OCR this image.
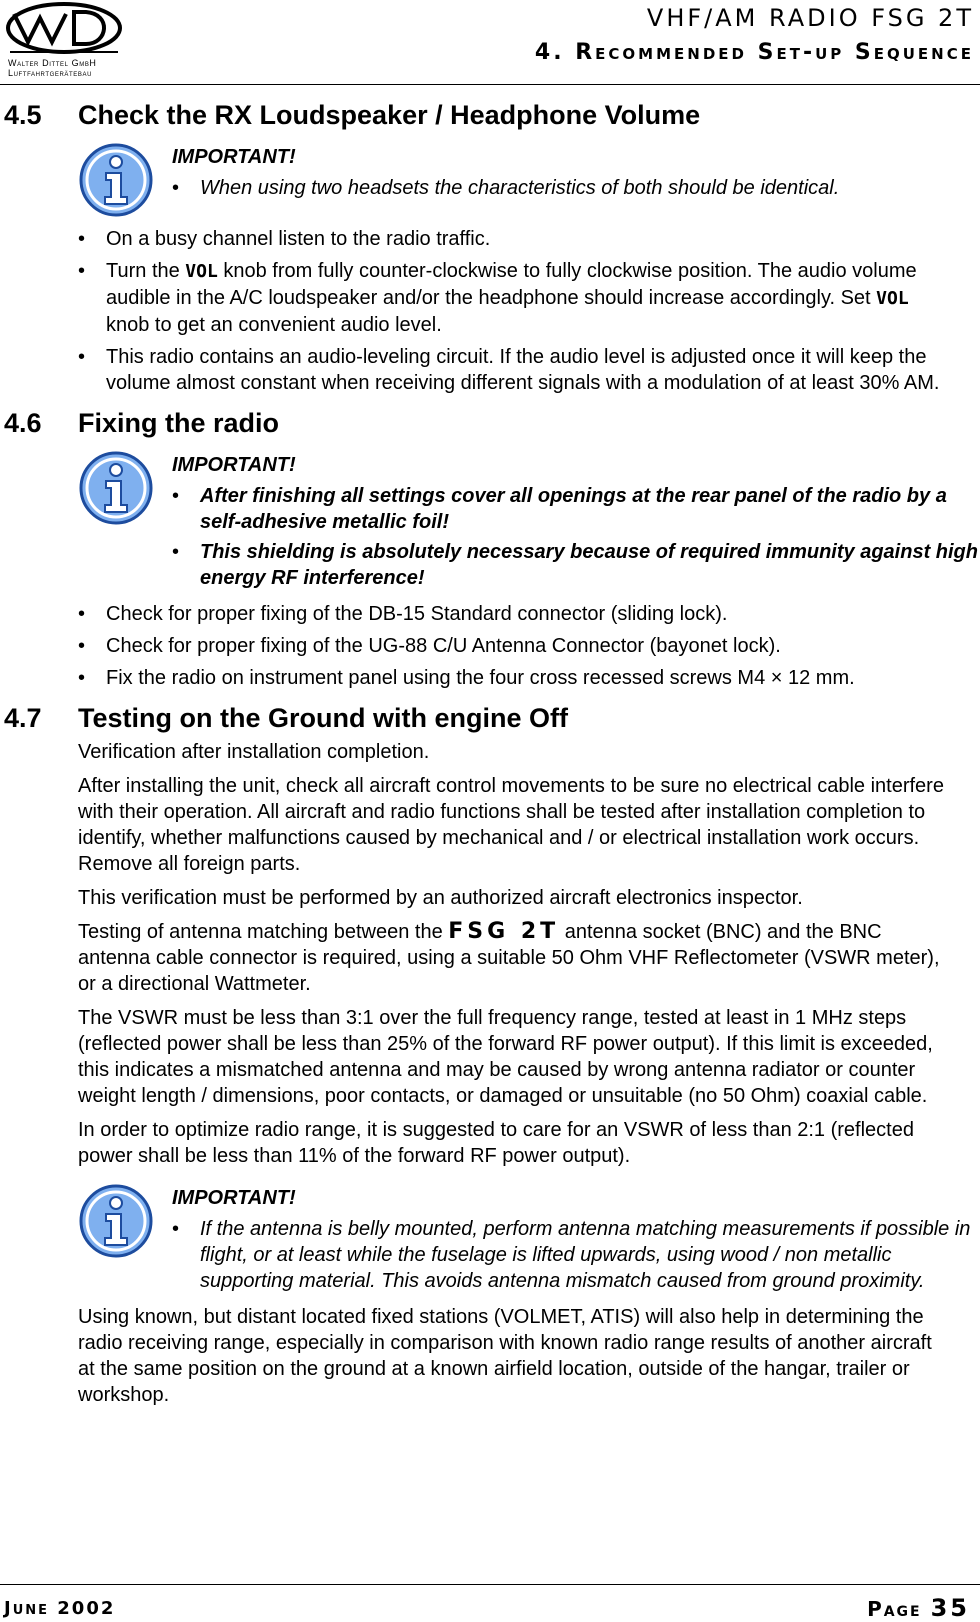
Walter Dittel GmbH
Luftfahrtgerätebau
VHF/AM RADIO FSG 2T
4. Recommended Set-up Sequence
4.5 Check the RX Loudspeaker / Headphone Volume
IMPORTANT!
• When using two headsets the characteristics of both should be identical.
• On a busy channel listen to the radio traffic.
• Turn the VOL knob from fully counter-clockwise to fully clockwise position. The audio volume audible in the A/C loudspeaker and/or the headphone should increase accordingly. Set VOL knob to get an convenient audio level.
• This radio contains an audio-leveling circuit. If the audio level is adjusted once it will keep the volume almost constant when receiving different signals with a modulation of at least 30% AM.
4.6 Fixing the radio
IMPORTANT!
• After finishing all settings cover all openings at the rear panel of the radio by a self-adhesive metallic foil!
• This shielding is absolutely necessary because of required immunity against high energy RF interference!
• Check for proper fixing of the DB-15 Standard connector (sliding lock).
• Check for proper fixing of the UG-88 C/U Antenna Connector (bayonet lock).
• Fix the radio on instrument panel using the four cross recessed screws M4 × 12 mm.
4.7 Testing on the Ground with engine Off

Verification after installation completion.

After installing the unit, check all aircraft control movements to be sure no electrical cable interfere with their operation. All aircraft and radio functions shall be tested after installation completion to identify, whether malfunctions caused by mechanical and / or electrical installation work occurs. Remove all foreign parts.

This verification must be performed by an authorized aircraft electronics inspector.

Testing of antenna matching between the FSG 2T antenna socket (BNC) and the BNC antenna cable connector is required, using a suitable 50 Ohm VHF Reflectometer (VSWR meter), or a directional Wattmeter.

The VSWR must be less than 3:1 over the full frequency range, tested at least in 1 MHz steps (reflected power shall be less than 25% of the forward RF power output). If this limit is exceeded, this indicates a mismatched antenna and may be caused by wrong antenna radiator or counter weight length / dimensions, poor contacts, or damaged or unsuitable (no 50 Ohm) coaxial cable.

In order to optimize radio range, it is suggested to care for an VSWR of less than 2:1 (reflected power shall be less than 11% of the forward RF power output).

IMPORTANT!
• If the antenna is belly mounted, perform antenna matching measurements if possible in flight, or at least while the fuselage is lifted upwards, using wood / non metallic supporting material. This avoids antenna mismatch caused from ground proximity.

Using known, but distant located fixed stations (VOLMET, ATIS) will also help in determining the radio receiving range, especially in comparison with known radio range results of another aircraft at the same position on the ground at a known airfield location, outside of the hangar, trailer or workshop.

June 2002	Page 35
